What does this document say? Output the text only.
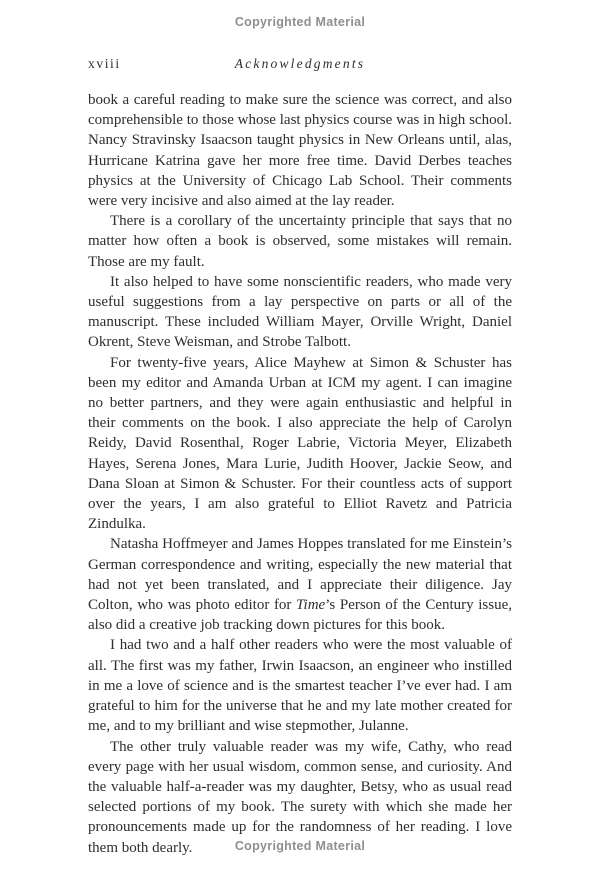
Copyrighted Material
xviii	Acknowledgments

book a careful reading to make sure the science was correct, and also comprehensible to those whose last physics course was in high school. Nancy Stravinsky Isaacson taught physics in New Orleans until, alas, Hurricane Katrina gave her more free time. David Derbes teaches physics at the University of Chicago Lab School. Their comments were very incisive and also aimed at the lay reader.

There is a corollary of the uncertainty principle that says that no matter how often a book is observed, some mistakes will remain. Those are my fault.

It also helped to have some nonscientific readers, who made very useful suggestions from a lay perspective on parts or all of the manuscript. These included William Mayer, Orville Wright, Daniel Okrent, Steve Weisman, and Strobe Talbott.

For twenty-five years, Alice Mayhew at Simon & Schuster has been my editor and Amanda Urban at ICM my agent. I can imagine no better partners, and they were again enthusiastic and helpful in their comments on the book. I also appreciate the help of Carolyn Reidy, David Rosenthal, Roger Labrie, Victoria Meyer, Elizabeth Hayes, Serena Jones, Mara Lurie, Judith Hoover, Jackie Seow, and Dana Sloan at Simon & Schuster. For their countless acts of support over the years, I am also grateful to Elliot Ravetz and Patricia Zindulka.

Natasha Hoffmeyer and James Hoppes translated for me Einstein’s German correspondence and writing, especially the new material that had not yet been translated, and I appreciate their diligence. Jay Colton, who was photo editor for Time’s Person of the Century issue, also did a creative job tracking down pictures for this book.

I had two and a half other readers who were the most valuable of all. The first was my father, Irwin Isaacson, an engineer who instilled in me a love of science and is the smartest teacher I’ve ever had. I am grateful to him for the universe that he and my late mother created for me, and to my brilliant and wise stepmother, Julanne.

The other truly valuable reader was my wife, Cathy, who read every page with her usual wisdom, common sense, and curiosity. And the valuable half-a-reader was my daughter, Betsy, who as usual read selected portions of my book. The surety with which she made her pronouncements made up for the randomness of her reading. I love them both dearly.	Copyrighted Material
